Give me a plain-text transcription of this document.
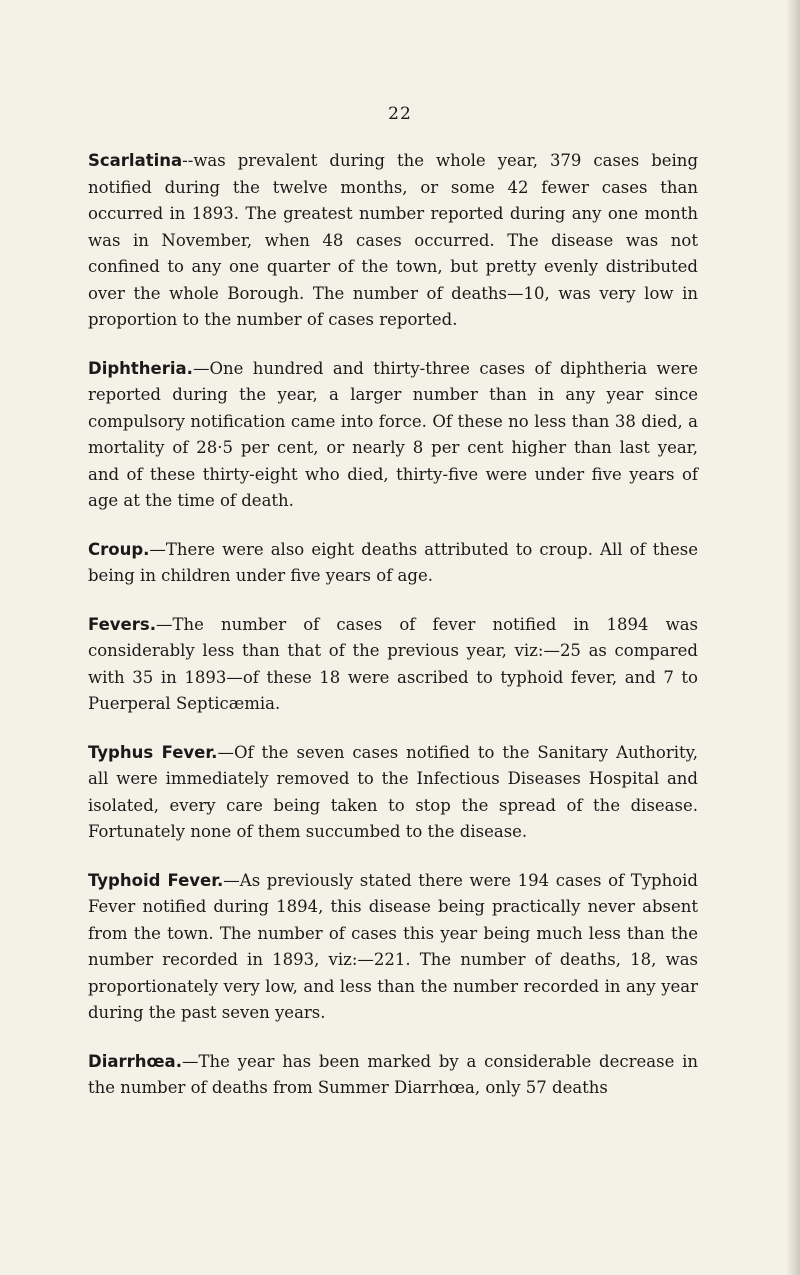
22

Scarlatina--was prevalent during the whole year, 379 cases being notified during the twelve months, or some 42 fewer cases than occurred in 1893. The greatest number reported during any one month was in November, when 48 cases occurred. The disease was not confined to any one quarter of the town, but pretty evenly distributed over the whole Borough. The number of deaths—10, was very low in proportion to the number of cases reported.

Diphtheria.—One hundred and thirty-three cases of diphtheria were reported during the year, a larger number than in any year since compulsory notification came into force. Of these no less than 38 died, a mortality of 28·5 per cent, or nearly 8 per cent higher than last year, and of these thirty-eight who died, thirty-five were under five years of age at the time of death.

Croup.—There were also eight deaths attributed to croup. All of these being in children under five years of age.

Fevers.—The number of cases of fever notified in 1894 was considerably less than that of the previous year, viz:—25 as compared with 35 in 1893—of these 18 were ascribed to typhoid fever, and 7 to Puerperal Septicæmia.

Typhus Fever.—Of the seven cases notified to the Sanitary Authority, all were immediately removed to the Infectious Diseases Hospital and isolated, every care being taken to stop the spread of the disease. Fortunately none of them succumbed to the disease.

Typhoid Fever.—As previously stated there were 194 cases of Typhoid Fever notified during 1894, this disease being practically never absent from the town. The number of cases this year being much less than the number recorded in 1893, viz:—221. The number of deaths, 18, was proportionately very low, and less than the number recorded in any year during the past seven years.

Diarrhœa.—The year has been marked by a considerable decrease in the number of deaths from Summer Diarrhœa, only 57 deaths
